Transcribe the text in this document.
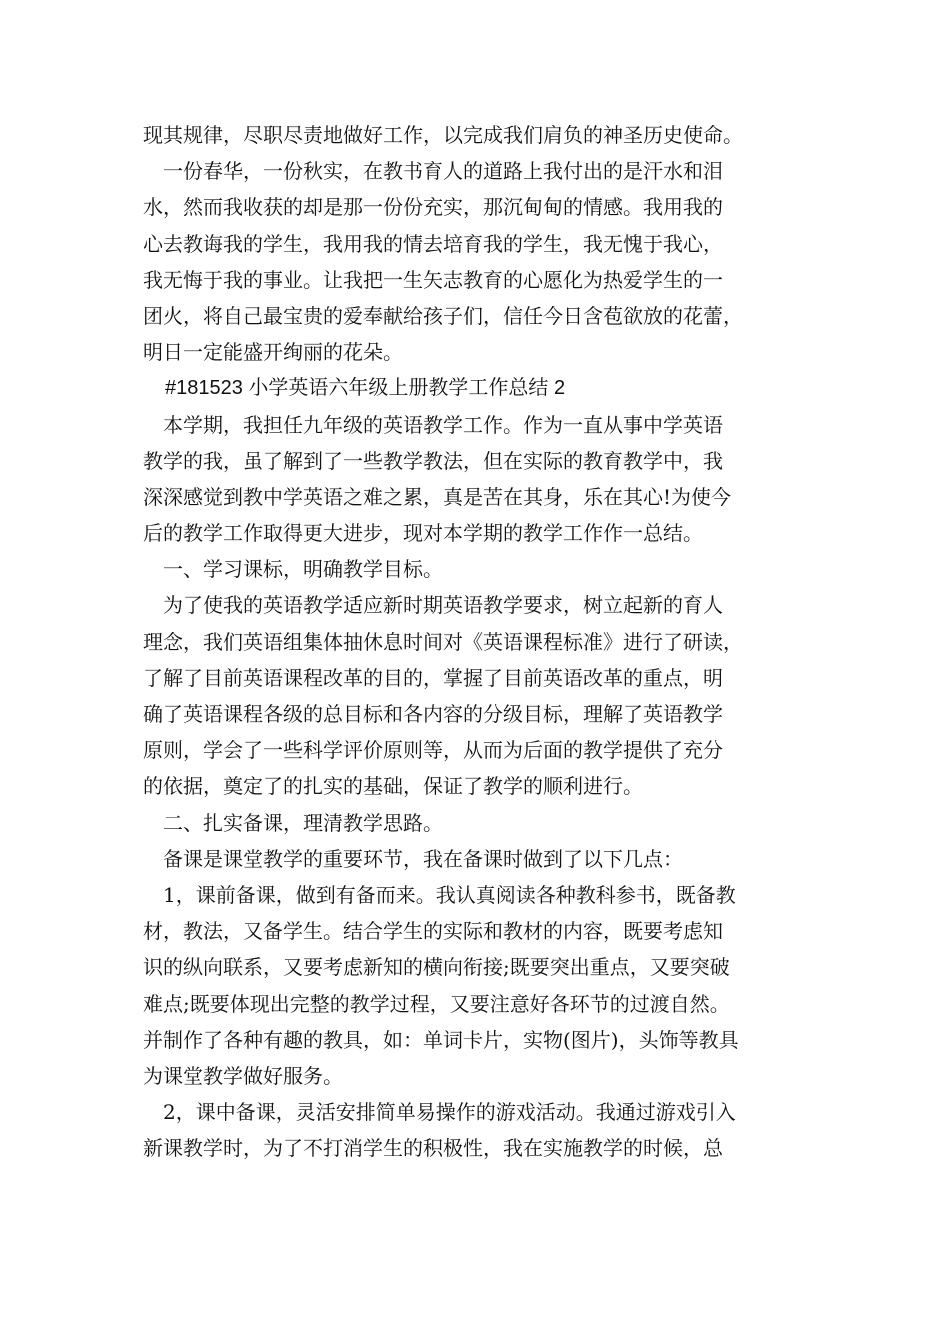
现其规律，尽职尽责地做好工作，以完成我们肩负的神圣历史使命。
一份春华，一份秋实，在教书育人的道路上我付出的是汗水和泪
水，然而我收获的却是那一份份充实，那沉甸甸的情感。我用我的
心去教诲我的学生，我用我的情去培育我的学生，我无愧于我心，
我无悔于我的事业。让我把一生矢志教育的心愿化为热爱学生的一
团火，将自己最宝贵的爱奉献给孩子们，信任今日含苞欲放的花蕾，
明日一定能盛开绚丽的花朵。
#181523 小学英语六年级上册教学工作总结 2
本学期，我担任九年级的英语教学工作。作为一直从事中学英语
教学的我，虽了解到了一些教学教法，但在实际的教育教学中，我
深深感觉到教中学英语之难之累，真是苦在其身，乐在其心!为使今
后的教学工作取得更大进步，现对本学期的教学工作作一总结。
一、学习课标，明确教学目标。
为了使我的英语教学适应新时期英语教学要求，树立起新的育人
理念，我们英语组集体抽休息时间对《英语课程标准》进行了研读，
了解了目前英语课程改革的目的，掌握了目前英语改革的重点，明
确了英语课程各级的总目标和各内容的分级目标，理解了英语教学
原则，学会了一些科学评价原则等，从而为后面的教学提供了充分
的依据，奠定了的扎实的基础，保证了教学的顺利进行。
二、扎实备课，理清教学思路。
备课是课堂教学的重要环节，我在备课时做到了以下几点：
1，课前备课，做到有备而来。我认真阅读各种教科参书，既备教
材，教法，又备学生。结合学生的实际和教材的内容，既要考虑知
识的纵向联系，又要考虑新知的横向衔接;既要突出重点，又要突破
难点;既要体现出完整的教学过程，又要注意好各环节的过渡自然。
并制作了各种有趣的教具，如：单词卡片，实物(图片)，头饰等教具
为课堂教学做好服务。
2，课中备课，灵活安排简单易操作的游戏活动。我通过游戏引入
新课教学时，为了不打消学生的积极性，我在实施教学的时候，总
